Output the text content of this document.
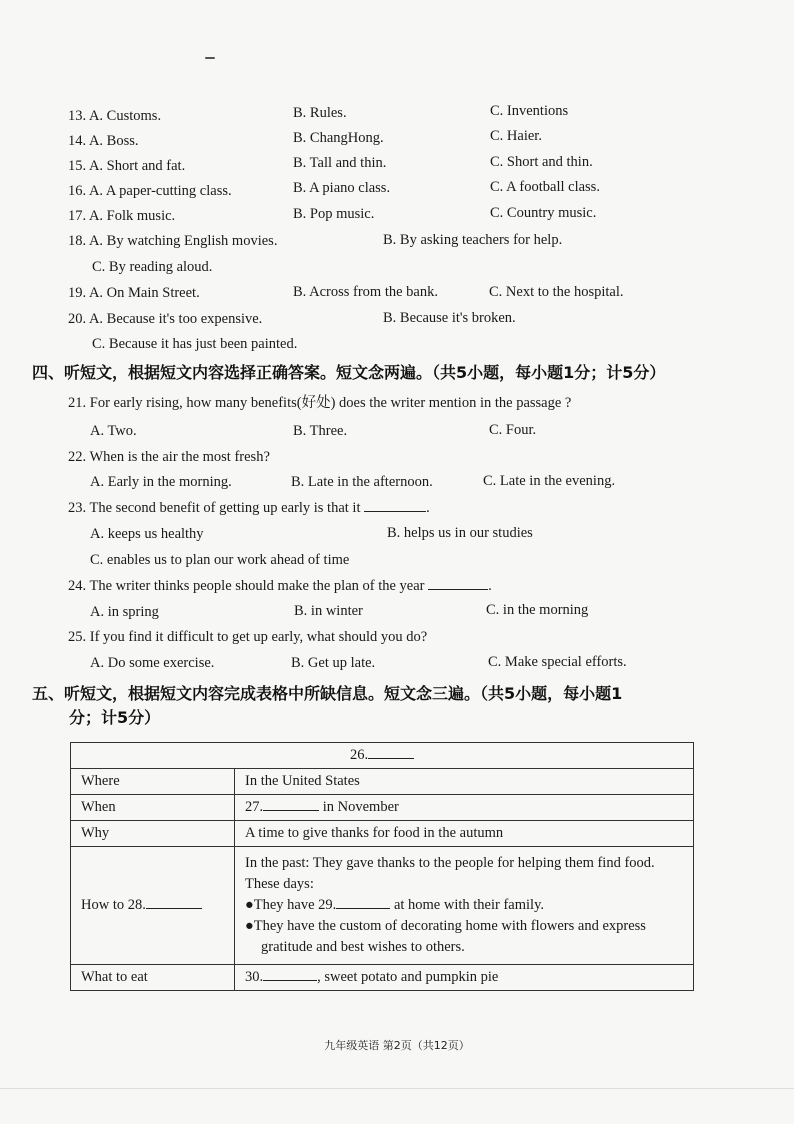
13. A. Customs.	B. Rules.	C. Inventions
14. A. Boss.	B. ChangHong.	C. Haier.
15. A. Short and fat.	B. Tall and thin.	C. Short and thin.
16. A. A paper-cutting class.	B. A piano class.	C. A football class.
17. A. Folk music.	B. Pop music.	C. Country music.
18. A. By watching English movies.	B. By asking teachers for help.
C. By reading aloud.
19. A. On Main Street.	B. Across from the bank.	C. Next to the hospital.
20. A. Because it's too expensive.	B. Because it's broken.
C. Because it has just been painted.
四、听短文，根据短文内容选择正确答案。短文念两遍。（共5小题，每小题1分；计5分）
21. For early rising, how many benefits(好处) does the writer mention in the passage ?
A. Two.	B. Three.	C. Four.
22. When is the air the most fresh?
A. Early in the morning.	B. Late in the afternoon.	C. Late in the evening.
23. The second benefit of getting up early is that it	.
A. keeps us healthy	B. helps us in our studies
C. enables us to plan our work ahead of time
24. The writer thinks people should make the plan of the year	.
A. in spring	B. in winter	C. in the morning
25. If you find it difficult to get up early, what should you do?
A. Do some exercise.	B. Get up late.	C. Make special efforts.
五、听短文，根据短文内容完成表格中所缺信息。短文念三遍。（共5小题，每小题1
分；计5分）
26.	
Where	In the United States
When	27. in November
Why	A time to give thanks for food in the autumn
How to 28.	In the past: They gave thanks to the people for helping them find food.
These days:
●They have 29. at home with their family.
●They have the custom of decorating home with flowers and express
gratitude and best wishes to others.

What to eat	30. , sweet potato and pumpkin pie
九年级英语 第2页（共12页）
